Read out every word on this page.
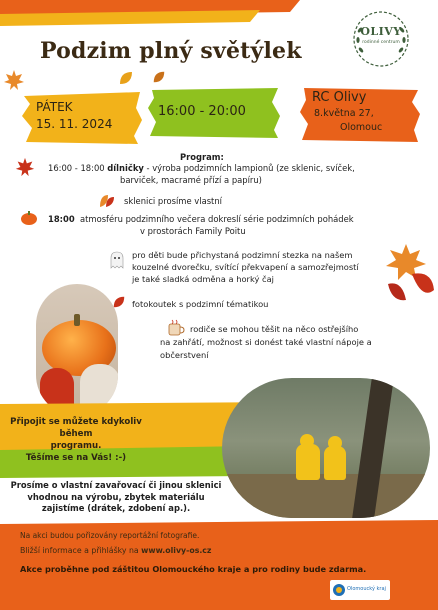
OLIVY
rodinné centrum
Podzim plný světýlek
PÁTEK
15. 11. 2024
16:00 - 20:00
RC Olivy
8.května 27,
Olomouc
Program:
16:00 - 18:00 dílničky - výroba podzimních lampionů (ze sklenic, svíček,
barviček, macramé přízí a papíru)
sklenici prosíme vlastní
18:00 atmosféru podzimního večera dokreslí série podzimních pohádek
v prostorách Family Poitu
pro děti bude přichystaná podzimní stezka na našem
kouzelné dvorečku, svítící překvapení a samozřejmostí
je také sladká odměna a horký čaj
fotokoutek s podzimní tématikou
rodiče se mohou těšit na něco ostřejšího
na zahřátí, možnost si donést také vlastní nápoje a
občerstvení
Připojit se můžete kdykoliv během
programu.
Těšíme se na Vás! :-)
Prosíme o vlastní zavařovací či jinou sklenici
vhodnou na výrobu, zbytek materiálu
zajistíme (drátek, zdobení ap.).
Na akci budou pořizovány reportážní fotografie.
Bližší informace a přihlášky na www.olivy-os.cz
Akce proběhne pod záštitou Olomouckého kraje a pro rodiny bude zdarma.
Olomoucký kraj
